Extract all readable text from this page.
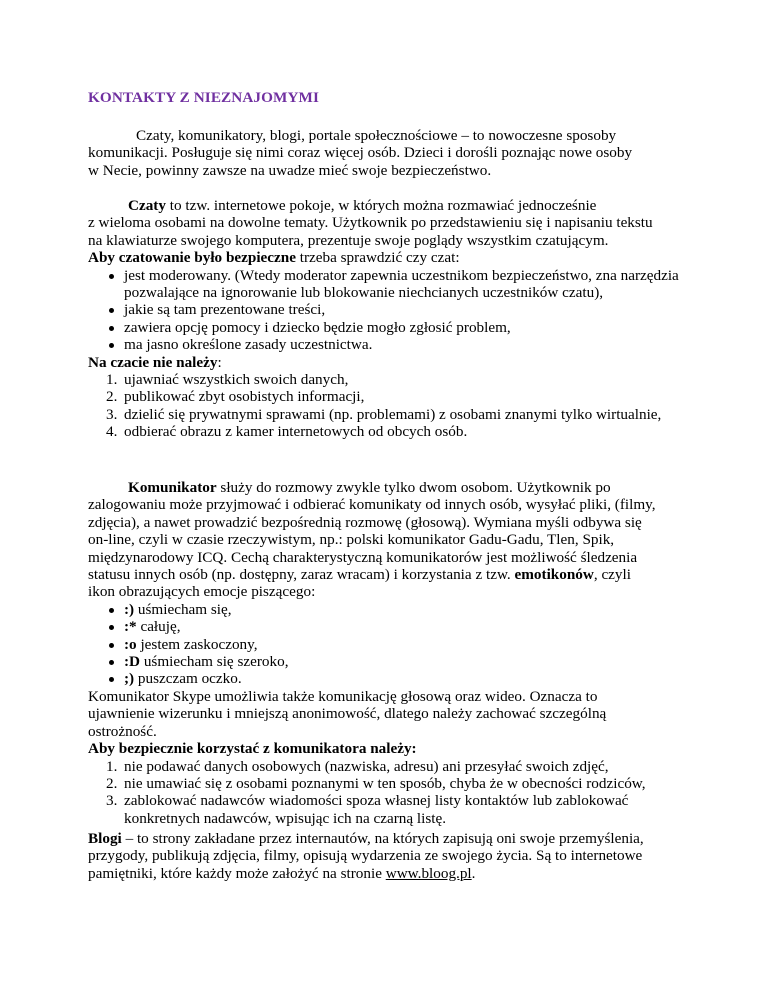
KONTAKTY Z NIEZNAJOMYMI

Czaty, komunikatory, blogi, portale społecznościowe – to nowoczesne sposoby

komunikacji. Posługuje się nimi coraz więcej osób. Dzieci i dorośli poznając nowe osoby

w Necie, powinny zawsze na uwadze mieć swoje bezpieczeństwo.

Czaty to tzw. internetowe pokoje, w których można rozmawiać jednocześnie

z wieloma osobami na dowolne tematy. Użytkownik po przedstawieniu się i napisaniu tekstu

na klawiaturze swojego komputera, prezentuje swoje poglądy wszystkim czatującym.

Aby czatowanie było bezpieczne trzeba sprawdzić czy czat:

jest moderowany. (Wtedy moderator zapewnia uczestnikom bezpieczeństwo, zna narzędzia pozwalające na ignorowanie lub blokowanie niechcianych uczestników czatu),
jakie są tam prezentowane treści,
zawiera opcję pomocy i dziecko będzie mogło zgłosić problem,
ma jasno określone zasady uczestnictwa.

Na czacie nie należy:

1. ujawniać wszystkich swoich danych,
2. publikować zbyt osobistych informacji,
3. dzielić się prywatnymi sprawami (np. problemami) z osobami znanymi tylko wirtualnie,
4. odbierać obrazu z kamer internetowych od obcych osób.

Komunikator służy do rozmowy zwykle tylko dwom osobom. Użytkownik po

zalogowaniu może przyjmować i odbierać komunikaty od innych osób, wysyłać pliki, (filmy,

zdjęcia), a nawet prowadzić bezpośrednią rozmowę (głosową). Wymiana myśli odbywa się

on-line, czyli w czasie rzeczywistym, np.: polski komunikator Gadu-Gadu, Tlen, Spik,

międzynarodowy ICQ. Cechą charakterystyczną komunikatorów jest możliwość śledzenia

statusu innych osób (np. dostępny, zaraz wracam) i korzystania z tzw. emotikonów, czyli

ikon obrazujących emocje piszącego:

:) uśmiecham się,
:* całuję,
:o jestem zaskoczony,
:D uśmiecham się szeroko,
;) puszczam oczko.

Komunikator Skype umożliwia także komunikację głosową oraz wideo. Oznacza to

ujawnienie wizerunku i mniejszą anonimowość, dlatego należy zachować szczególną

ostrożność.

Aby bezpiecznie korzystać z komunikatora należy:

1. nie podawać danych osobowych (nazwiska, adresu) ani przesyłać swoich zdjęć,
2. nie umawiać się z osobami poznanymi w ten sposób, chyba że w obecności rodziców,
3. zablokować nadawców wiadomości spoza własnej listy kontaktów lub zablokować konkretnych nadawców, wpisując ich na czarną listę.

Blogi – to strony zakładane przez internautów, na których zapisują oni swoje przemyślenia,

przygody, publikują zdjęcia, filmy, opisują wydarzenia ze swojego życia. Są to internetowe

pamiętniki, które każdy może założyć na stronie www.bloog.pl.
